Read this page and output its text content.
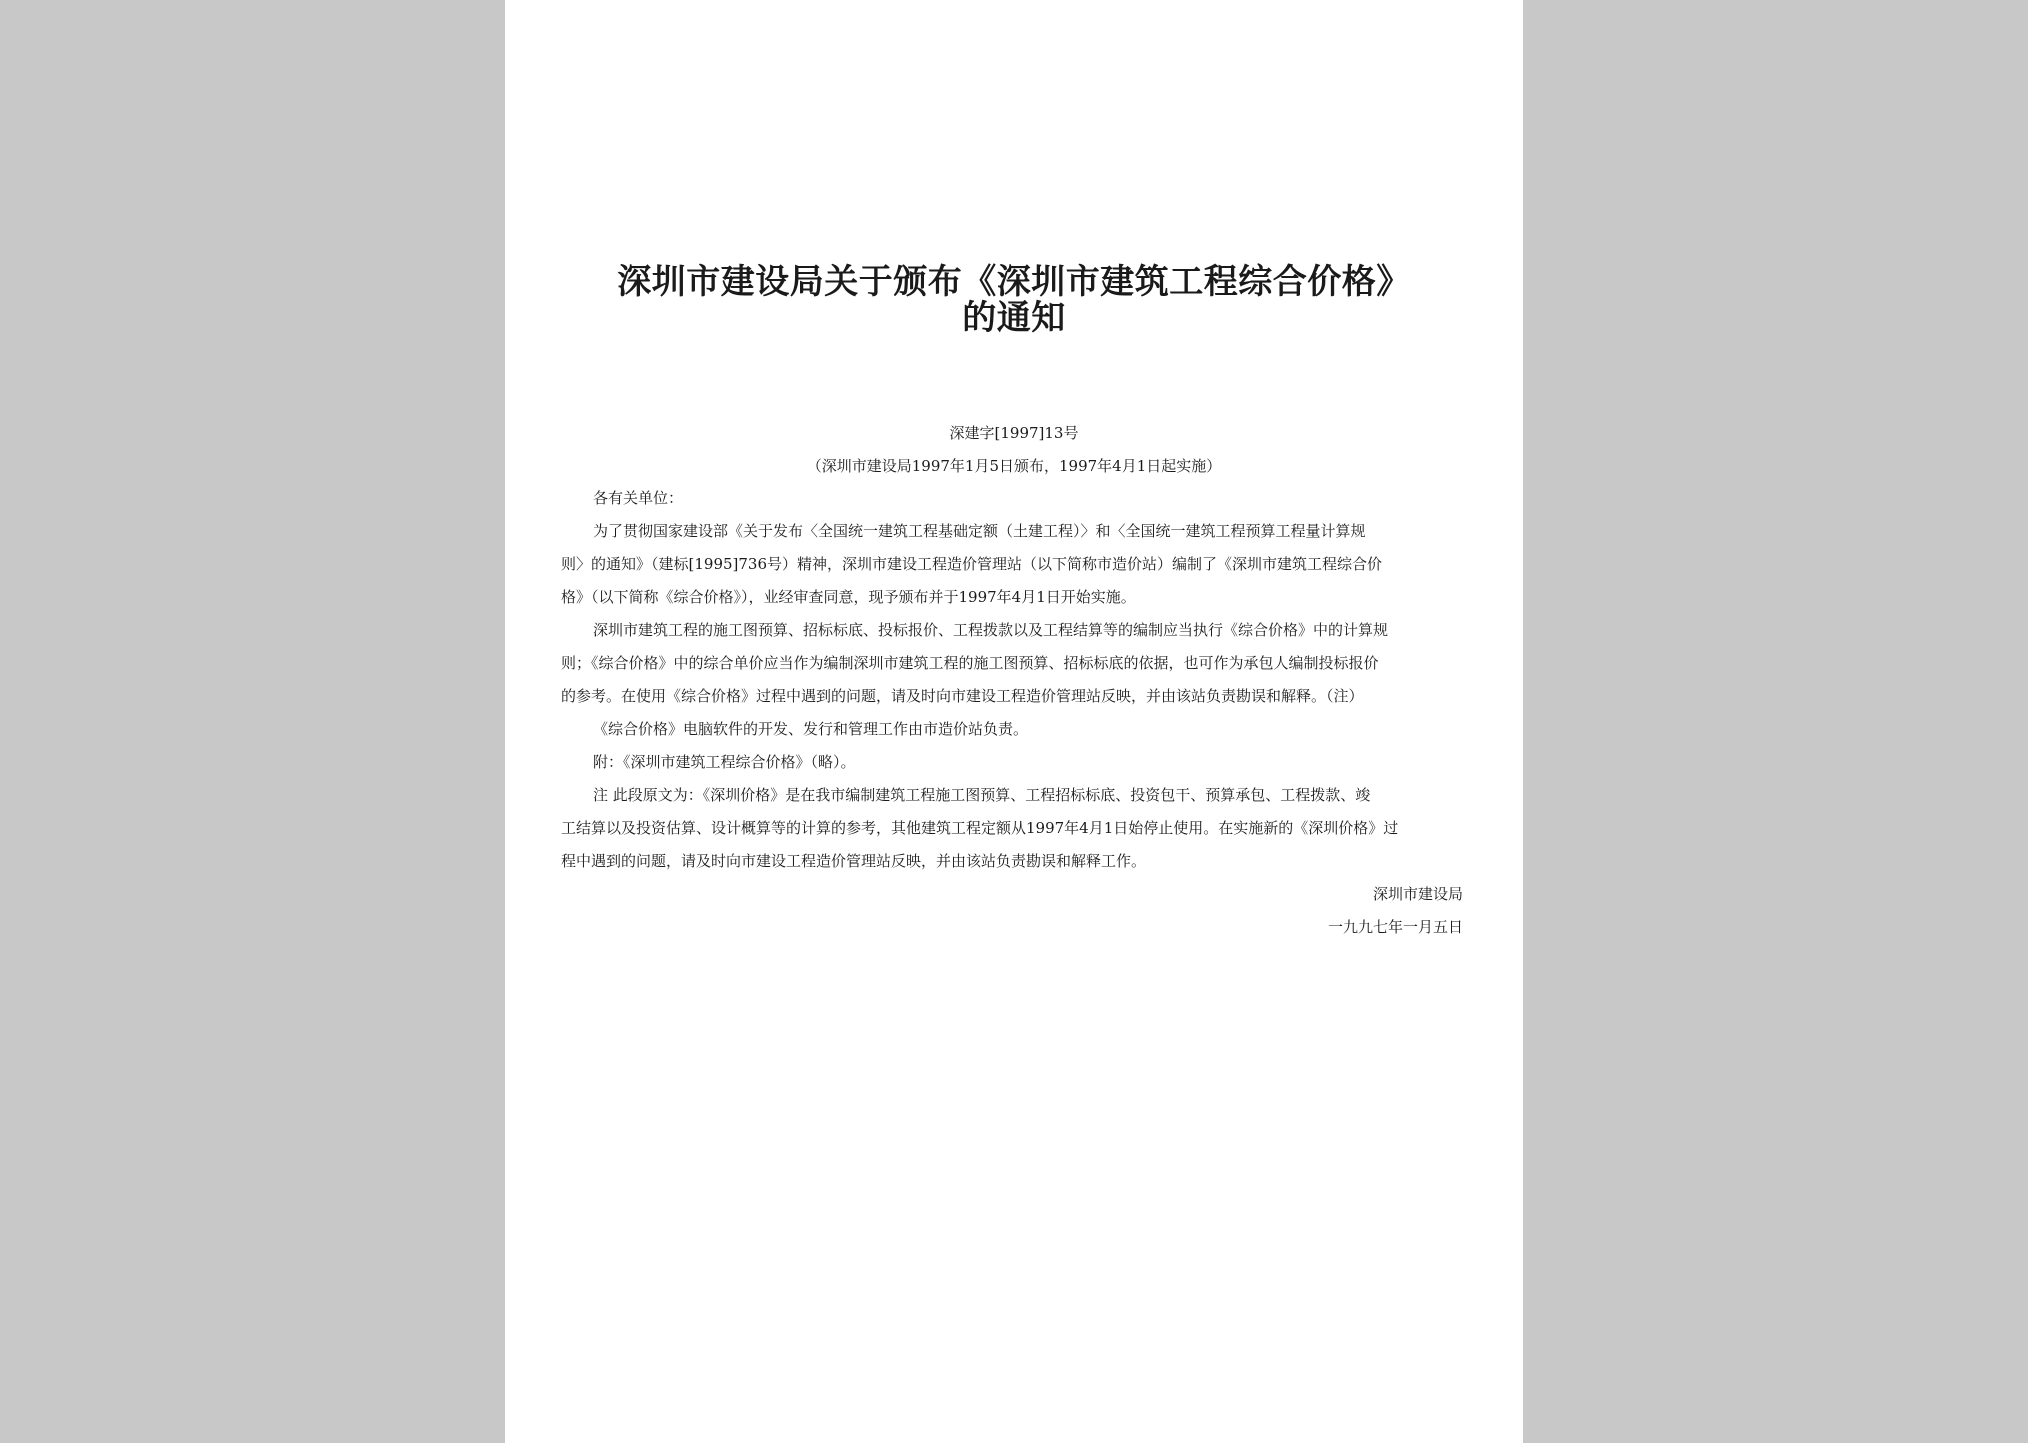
深圳市建设局关于颁布《深圳市建筑工程综合价格》
的通知

深建字[1997]13号

（深圳市建设局1997年1月5日颁布，1997年4月1日起实施）

各有关单位：

为了贯彻国家建设部《关于发布〈全国统一建筑工程基础定额（土建工程）〉和〈全国统一建筑工程预算工程量计算规

则〉的通知》（建标[1995]736号）精神，深圳市建设工程造价管理站（以下简称市造价站）编制了《深圳市建筑工程综合价

格》（以下简称《综合价格》），业经审查同意，现予颁布并于1997年4月1日开始实施。

深圳市建筑工程的施工图预算、招标标底、投标报价、工程拨款以及工程结算等的编制应当执行《综合价格》中的计算规

则；《综合价格》中的综合单价应当作为编制深圳市建筑工程的施工图预算、招标标底的依据，也可作为承包人编制投标报价

的参考。在使用《综合价格》过程中遇到的问题，请及时向市建设工程造价管理站反映，并由该站负责勘误和解释。（注）

《综合价格》电脑软件的开发、发行和管理工作由市造价站负责。

附：《深圳市建筑工程综合价格》（略）。

注 此段原文为：《深圳价格》是在我市编制建筑工程施工图预算、工程招标标底、投资包干、预算承包、工程拨款、竣

工结算以及投资估算、设计概算等的计算的参考，其他建筑工程定额从1997年4月1日始停止使用。在实施新的《深圳价格》过

程中遇到的问题，请及时向市建设工程造价管理站反映，并由该站负责勘误和解释工作。

深圳市建设局

一九九七年一月五日
